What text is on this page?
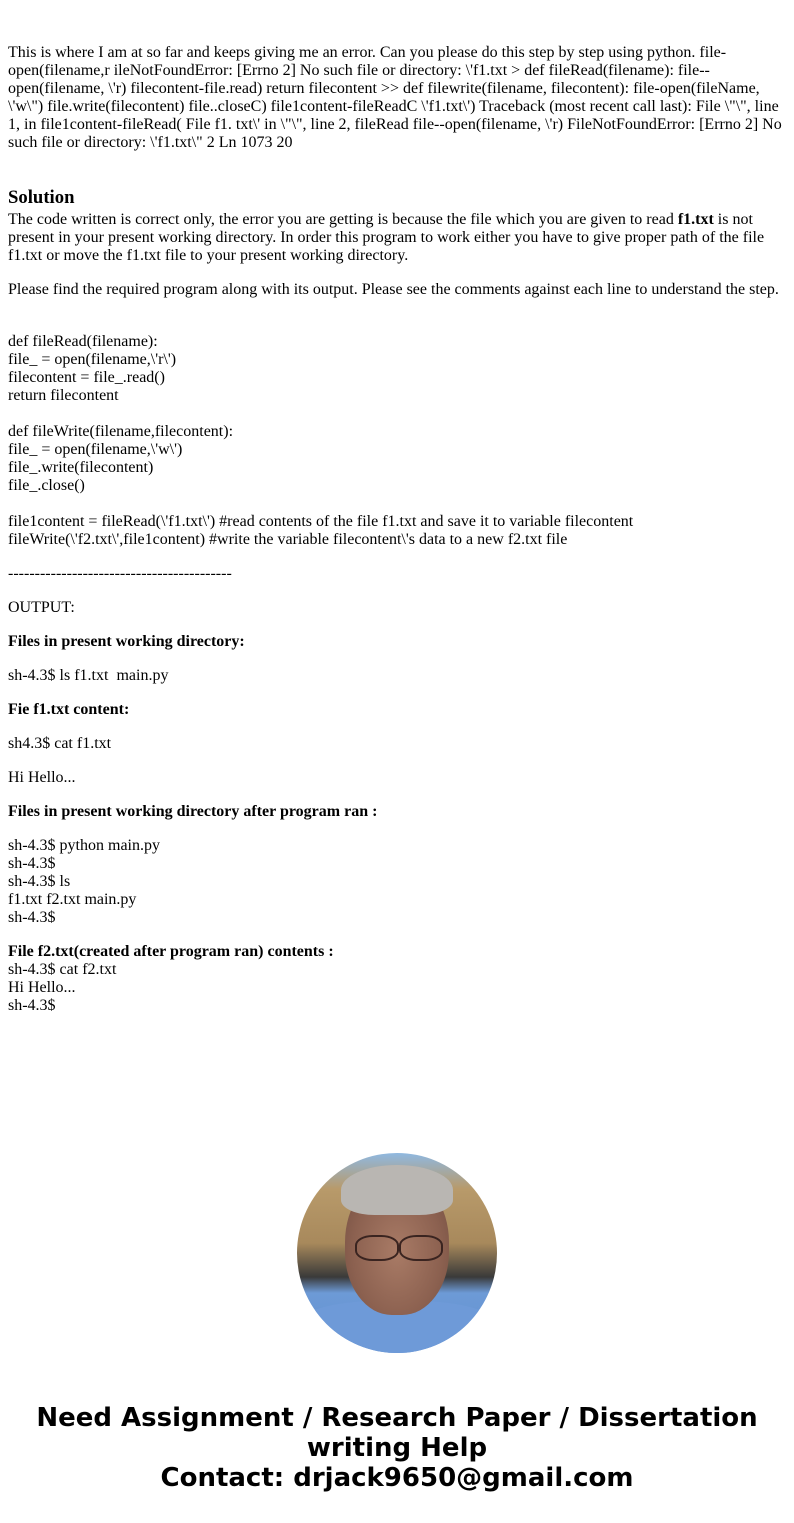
This is where I am at so far and keeps giving me an error. Can you please do this step by step using python. file-open(filename,r ileNotFoundError: [Errno 2] No such file or directory: \'f1.txt > def fileRead(filename): file--open(filename, \'r) filecontent-file.read) return filecontent >> def filewrite(filename, filecontent): file-open(fileName, \'w\") file.write(filecontent) file..closeC) file1content-fileReadC \'f1.txt\') Traceback (most recent call last): File \"\", line 1, in file1content-fileRead( File f1. txt\' in \"\", line 2, fileRead file--open(filename, \'r) FileNotFoundError: [Errno 2] No such file or directory: \'f1.txt\" 2 Ln 1073 20

Solution

The code written is correct only, the error you are getting is because the file which you are given to read f1.txt is not present in your present working directory. In order this program to work either you have to give proper path of the file f1.txt or move the f1.txt file to your present working directory.

Please find the required program along with its output. Please see the comments against each line to understand the step.

def fileRead(filename):
file_ = open(filename,\'r\')
filecontent = file_.read()
return filecontent
def fileWrite(filename,filecontent):
file_ = open(filename,\'w\')
file_.write(filecontent)
file_.close()
file1content = fileRead(\'f1.txt\') #read contents of the file f1.txt and save it to variable filecontent
fileWrite(\'f2.txt\',file1content) #write the variable filecontent\'s data to a new f2.txt file
------------------------------------------
OUTPUT:
Files in present working directory:
sh-4.3$ ls f1.txt  main.py
Fie f1.txt content:
sh4.3$ cat f1.txt
Hi Hello...
Files in present working directory after program ran :
sh-4.3$ python main.py
sh-4.3$
sh-4.3$ ls
f1.txt f2.txt main.py
sh-4.3$
File f2.txt(created after program ran) contents :
sh-4.3$ cat f2.txt
Hi Hello...
sh-4.3$
Need Assignment / Research Paper / Dissertation
writing Help
Contact: drjack9650@gmail.com
